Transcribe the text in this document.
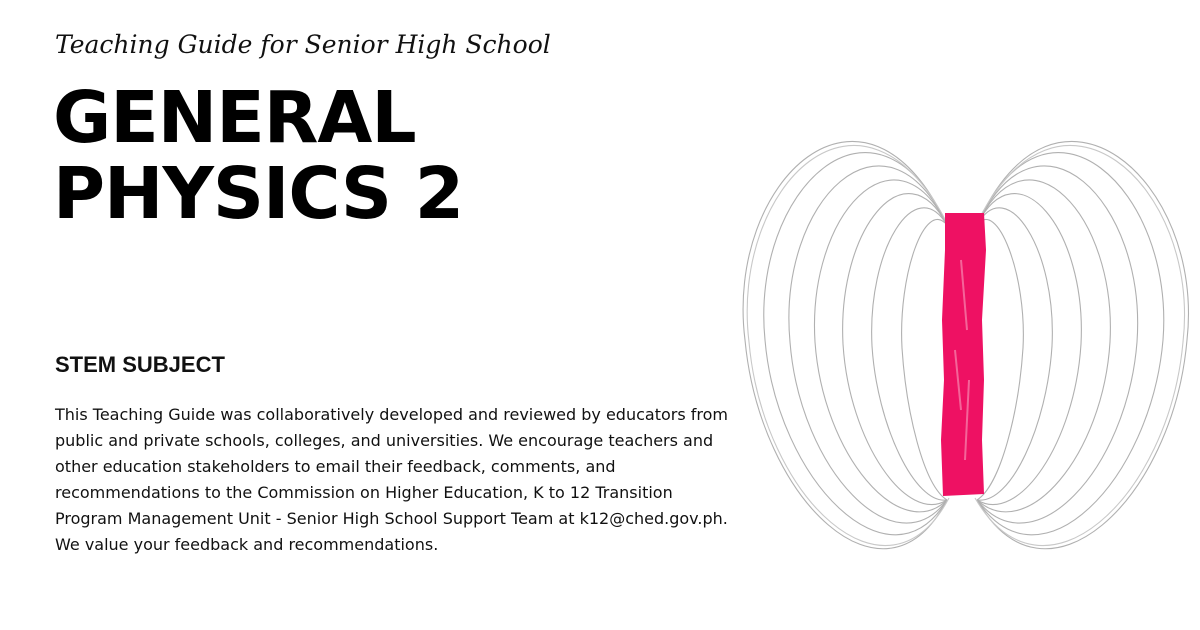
Teaching Guide for Senior High School
GENERAL
PHYSICS 2
STEM SUBJECT
This Teaching Guide was collaboratively developed and reviewed by educators from public and private schools, colleges, and universities. We encourage teachers and other education stakeholders to email their feedback, comments, and recommendations to the Commission on Higher Education, K to 12 Transition Program Management Unit - Senior High School Support Team at k12@ched.gov.ph. We value your feedback and recommendations.
